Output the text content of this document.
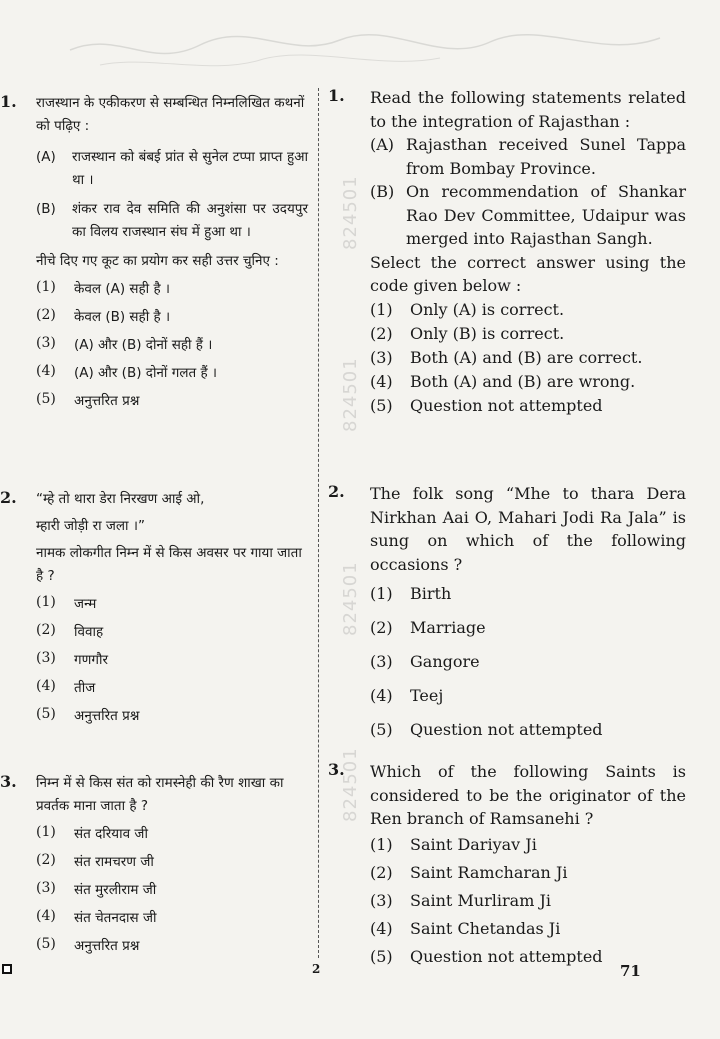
824501
824501
824501
824501
1. राजस्थान के एकीकरण से सम्बन्धित निम्नलिखित कथनों को पढ़िए :
(A)	राजस्थान को बंबई प्रांत से सुनेल टप्पा प्राप्त हुआ था ।
(B)	शंकर राव देव समिति की अनुशंसा पर उदयपुर का विलय राजस्थान संघ में हुआ था ।
नीचे दिए गए कूट का प्रयोग कर सही उत्तर चुनिए :
(1)	केवल (A) सही है ।
(2)	केवल (B) सही है ।
(3)	(A) और (B) दोनों सही हैं ।
(4)	(A) और (B) दोनों गलत हैं ।
(5)	अनुत्तरित प्रश्न
2. “म्हे तो थारा डेरा निरखण आई ओ,
म्हारी जोड़ी रा जला ।”
नामक लोकगीत निम्न में से किस अवसर पर गाया जाता है ?
(1)	जन्म
(2)	विवाह
(3)	गणगौर
(4)	तीज
(5)	अनुत्तरित प्रश्न
3. निम्न में से किस संत को रामस्नेही की रैण शाखा का प्रवर्तक माना जाता है ?
(1)	संत दरियाव जी
(2)	संत रामचरण जी
(3)	संत मुरलीराम जी
(4)	संत चेतनदास जी
(5)	अनुत्तरित प्रश्न
1. Read the following statements related to the integration of Rajasthan :
(A) Rajasthan received Sunel Tappa from Bombay Province.
(B) On recommendation of Shankar Rao Dev Committee, Udaipur was merged into Rajasthan Sangh.
Select the correct answer using the code given below :
(1)	Only (A) is correct.
(2)	Only (B) is correct.
(3)	Both (A) and (B) are correct.
(4)	Both (A) and (B) are wrong.
(5)	Question not attempted
2. The folk song “Mhe to thara Dera Nirkhan Aai O, Mahari Jodi Ra Jala” is sung on which of the following occasions ?
(1)	Birth
(2)	Marriage
(3)	Gangore
(4)	Teej
(5)	Question not attempted
3. Which of the following Saints is considered to be the originator of the Ren branch of Ramsanehi ?
(1)	Saint Dariyav Ji
(2)	Saint Ramcharan Ji
(3)	Saint Murliram Ji
(4)	Saint Chetandas Ji
(5)	Question not attempted
2	71
